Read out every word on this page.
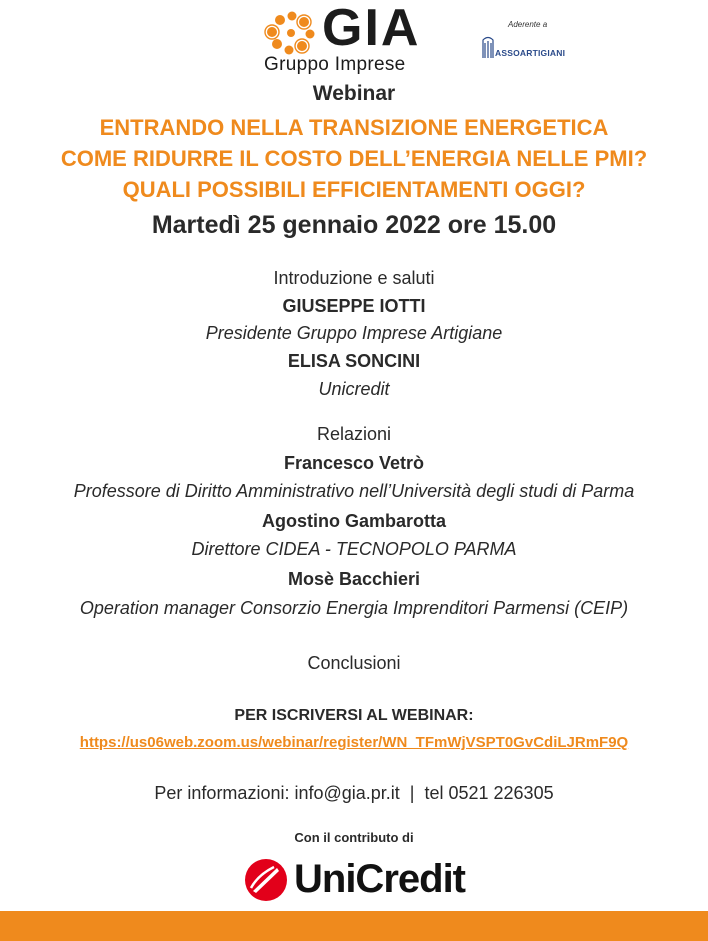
GIA
Gruppo Imprese
Aderente a
ASSOARTIGIANI
Webinar
ENTRANDO NELLA TRANSIZIONE ENERGETICA
COME RIDURRE IL COSTO DELL’ENERGIA NELLE PMI?
QUALI POSSIBILI EFFICIENTAMENTI OGGI?
Martedì 25 gennaio 2022 ore 15.00
Introduzione e saluti
GIUSEPPE IOTTI
Presidente Gruppo Imprese Artigiane
ELISA SONCINI
Unicredit
Relazioni
Francesco Vetrò
Professore di Diritto Amministrativo nell’Università degli studi di Parma
Agostino Gambarotta
Direttore CIDEA - TECNOPOLO PARMA
Mosè Bacchieri
Operation manager Consorzio Energia Imprenditori Parmensi (CEIP)
Conclusioni
PER ISCRIVERSI AL WEBINAR:
https://us06web.zoom.us/webinar/register/WN_TFmWjVSPT0GvCdiLJRmF9Q
Per informazioni: info@gia.pr.it  |  tel 0521 226305
Con il contributo di
UniCredit
